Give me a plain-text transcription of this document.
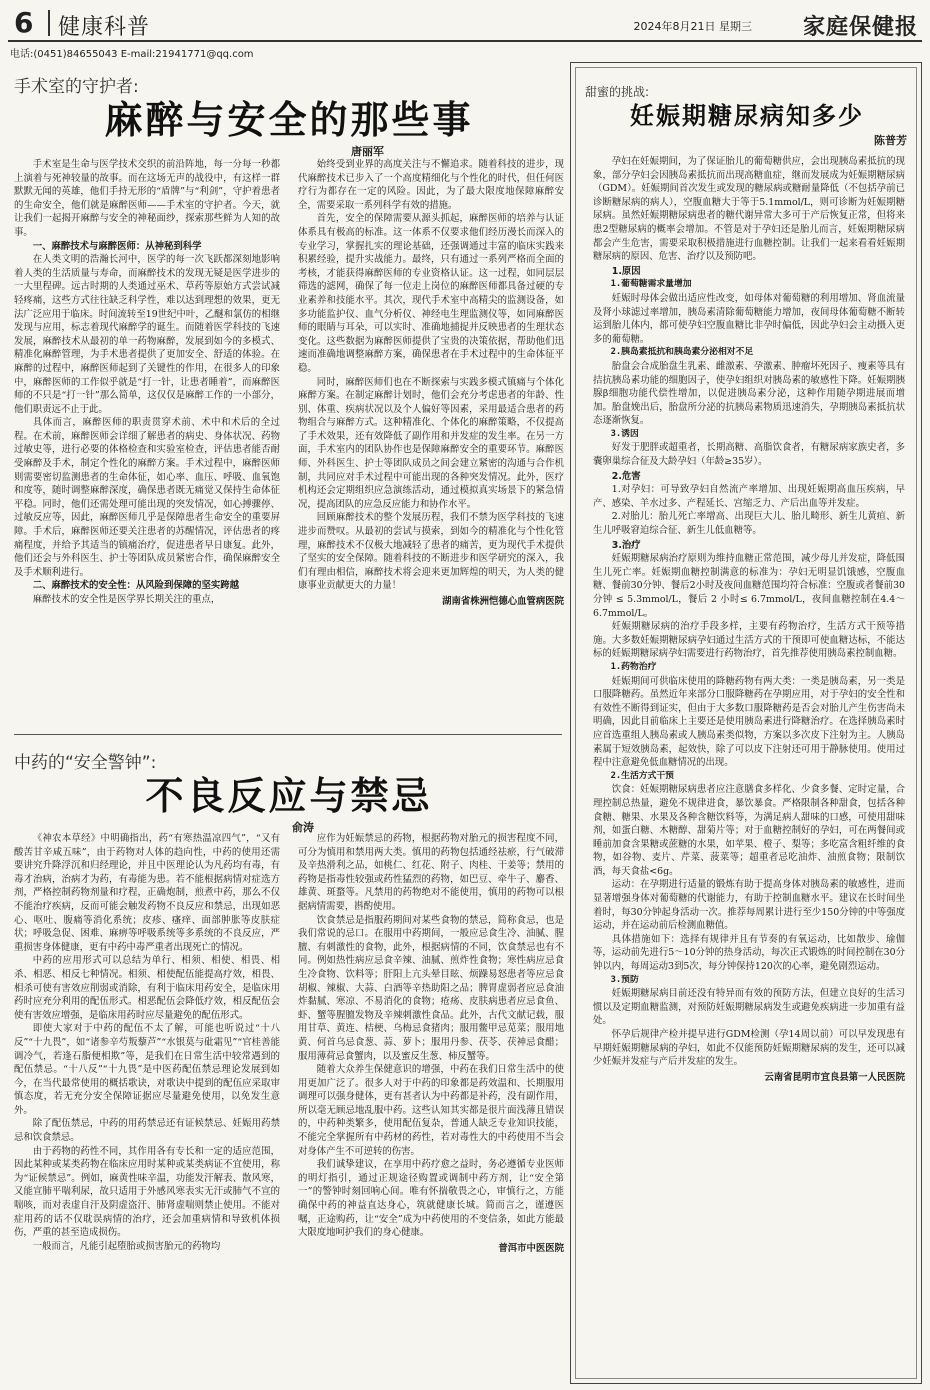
6 健康科普	2024年8月21日 星期三 家庭保健报
电话:(0451)84655043 E-mail:21941771@qq.com
手术室的守护者:
麻醉与安全的那些事
唐丽军

手术室是生命与医学技术交织的前沿阵地，每一分每一秒都上演着与死神较量的故事。而在这场无声的战役中，有这样一群默默无闻的英雄，他们手持无形的“盾牌”与“利剑”，守护着患者的生命安全，他们就是麻醉医师——手术室的守护者。今天，就让我们一起揭开麻醉与安全的神秘面纱，探索那些鲜为人知的故事。

一、麻醉技术与麻醉医师：从神秘到科学

在人类文明的浩瀚长河中，医学的每一次飞跃都深刻地影响着人类的生活质量与寿命，而麻醉技术的发现无疑是医学进步的一大里程碑。远古时期的人类通过巫术、草药等原始方式尝试减轻疼痛，这些方式往往缺乏科学性，难以达到理想的效果，更无法广泛应用于临床。时间流转至19世纪中叶，乙醚和氯仿的相继发现与应用，标志着现代麻醉学的诞生。而随着医学科技的飞速发展，麻醉技术从最初的单一药物麻醉，发展到如今的多模式、精准化麻醉管理，为手术患者提供了更加安全、舒适的体验。在麻醉的过程中，麻醉医师起到了关键性的作用，在很多人的印象中，麻醉医师的工作似乎就是“打一针，让患者睡着”，而麻醉医师的不只是“打一针”那么简单，这仅仅是麻醉工作的一小部分，他们职责远不止于此。

具体而言，麻醉医师的职责贯穿术前、术中和术后的全过程。在术前，麻醉医师会详细了解患者的病史、身体状况、药物过敏史等，进行必要的体格检查和实验室检查，评估患者能否耐受麻醉及手术，制定个性化的麻醉方案。手术过程中，麻醉医师则需要密切监测患者的生命体征，如心率、血压、呼吸、血氧饱和度等，随时调整麻醉深度，确保患者既无痛觉又保持生命体征平稳。同时，他们还需处理可能出现的突发情况，如心搏骤停、过敏反应等，因此，麻醉医师几乎是保障患者生命安全的重要屏障。手术后，麻醉医师还要关注患者的苏醒情况，评估患者的疼痛程度，并给予其适当的镇痛治疗，促进患者早日康复。此外，他们还会与外科医生、护士等团队成员紧密合作，确保麻醉安全及手术顺利进行。

二、麻醉技术的安全性：从风险到保障的坚实跨越

麻醉技术的安全性是医学界长期关注的重点，

始终受到业界的高度关注与不懈追求。随着科技的进步，现代麻醉技术已步入了一个高度精细化与个性化的时代，但任何医疗行为都存在一定的风险。因此，为了最大限度地保障麻醉安全，需要采取一系列科学有效的措施。

首先，安全的保障需要从源头抓起，麻醉医师的培养与认证体系具有极高的标准。这一体系不仅要求他们经历漫长而深入的专业学习，掌握扎实的理论基础，还强调通过丰富的临床实践来积累经验，提升实战能力。最终，只有通过一系列严格而全面的考核，才能获得麻醉医师的专业资格认证。这一过程，如同层层筛选的滤网，确保了每一位走上岗位的麻醉医师都具备过硬的专业素养和技能水平。其次，现代手术室中高精尖的监测设备，如多功能监护仪、血气分析仪、神经电生理监测仪等，如同麻醉医师的眼睛与耳朵，可以实时、准确地捕捉并反映患者的生理状态变化。这些数据为麻醉医师提供了宝贵的决策依据，帮助他们迅速而准确地调整麻醉方案，确保患者在手术过程中的生命体征平稳。

同时，麻醉医师们也在不断探索与实践多模式镇痛与个体化麻醉方案。在制定麻醉计划时，他们会充分考虑患者的年龄、性别、体重、疾病状况以及个人偏好等因素，采用最适合患者的药物组合与麻醉方式。这种精准化、个体化的麻醉策略，不仅提高了手术效果，还有效降低了副作用和并发症的发生率。在另一方面，手术室内的团队协作也是保障麻醉安全的重要环节。麻醉医师、外科医生、护士等团队成员之间会建立紧密的沟通与合作机制，共同应对手术过程中可能出现的各种突发情况。此外，医疗机构还会定期组织应急演练活动，通过模拟真实场景下的紧急情况，提高团队的应急反应能力和协作水平。

回顾麻醉技术的整个发展历程，我们不禁为医学科技的飞速进步而赞叹。从最初的尝试与摸索，到如今的精准化与个性化管理，麻醉技术不仅极大地减轻了患者的痛苦，更为现代手术提供了坚实的安全保障。随着科技的不断进步和医学研究的深入，我们有理由相信，麻醉技术将会迎来更加辉煌的明天，为人类的健康事业贡献更大的力量！

湖南省株洲恺德心血管病医院

中药的“安全警钟”:
不良反应与禁忌
俞涛

《神农本草经》中明确指出，药“有寒热温凉四气”，“又有酸苦甘辛咸五味”，由于药物对人体的趋向性，中药的使用还需要讲究升降浮沉和归经理论，并且中医理论认为凡药均有毒，有毒才治病，治病才为药，有毒能为患。若不能根据病情对症选方剂，严格控制药物剂量和疗程，正确炮制，煎煮中药，那么不仅不能治疗疾病，反而可能会触发药物不良反应和禁忌，出现如恶心、呕吐、腹痛等消化系统；皮疹、瘙痒、面部肿胀等皮肤症状；呼吸急促、困难、麻痹等呼吸系统等多系统的不良反应，严重损害身体健康，更有中药中毒严重者出现死亡的情况。

中药的应用形式可以总结为单行、相须、相使、相畏、相杀、相恶、相反七种情况。相须、相使配伍能提高疗效，相畏、相杀可使有害效应削弱或消除，有利于临床用药安全，是临床用药时应充分利用的配伍形式。相恶配伍会降低疗效，相反配伍会使有害效应增强，是临床用药时应尽量避免的配伍形式。

即使大家对于中药的配伍不太了解，可能也听说过“十八反”“十九畏”，如“诸参辛芍叛藜芦”“水银莫与砒霜见”“官桂善能调冷气，若逢石脂便相欺”等，是我们在日常生活中较常遇到的配伍禁忌。“十八反”“十九畏”是中医药配伍禁忌理论发展到如今，在当代最常使用的概括歌诀，对歌诀中提到的配伍应采取审慎态度，若无充分安全保障证据应尽量避免使用，以免发生意外。

除了配伍禁忌，中药的用药禁忌还有证候禁忌、妊娠用药禁忌和饮食禁忌。

由于药物的药性不同，其作用各有专长和一定的适应范围，因此某种或某类药物在临床应用时某种或某类病证不宜使用，称为“证候禁忌”。例如，麻黄性味辛温，功能发汗解表、散风寒，又能宣肺平喘利尿，故只适用于外感风寒表实无汗或肺气不宣的喘咳，而对表虚自汗及阴虚盗汗、肺肾虚喘则禁止使用。不能对症用药的话不仅耽误病情的治疗，还会加重病情和导致机体损伤，严重的甚至造成损伤。

一般而言，凡能引起堕胎或损害胎元的药物均

应作为妊娠禁忌的药物，根据药物对胎元的损害程度不同，可分为慎用和禁用两大类。慎用的药物包括通经祛瘀，行气破滞及辛热滑利之品，如桃仁、红花、附子、肉桂、干姜等；禁用的药物是指毒性较强或药性猛烈的药物，如巴豆、牵牛子、麝香、雄黄、斑蝥等。凡禁用的药物绝对不能使用，慎用的药物可以根据病情需要，斟酌使用。

饮食禁忌是指服药期间对某些食物的禁忌，简称食忌，也是我们常说的忌口。在服用中药期间，一般应忌食生冷、油腻、腥膻、有刺激性的食物，此外，根据病情的不同，饮食禁忌也有不同。例如热性病应忌食辛辣、油腻、煎炸性食物；寒性病应忌食生冷食物、饮料等；肝阳上亢头晕目眩、烦躁易怒患者等应忌食胡椒、辣椒、大蒜、白酒等辛热助阳之品；脾胃虚弱者应忌食油炸黏腻、寒凉、不易消化的食物；疮疡、皮肤病患者应忌食鱼、虾、蟹等腥膻发物及辛辣刺激性食品。此外，古代文献记载，服用甘草、黄连、桔梗、乌梅忌食猪肉；服用鳖甲忌苋菜；服用地黄、何首乌忌食葱、蒜、萝卜；服用丹参、茯苓、茯神忌食醋；服用薄荷忌食蟹肉，以及蜜反生葱、柿反蟹等。

随着大众养生保健意识的增强，中药在我们日常生活中的使用更加广泛了。很多人对于中药的印象都是药效温和、长期服用调理可以强身健体，更有甚者认为中药都是补药，没有副作用，所以毫无顾忌地乱服中药。这些认知其实都是很片面浅薄且错误的，中药种类繁多，使用配伍复杂，普通人缺乏专业知识技能，不能完全掌握所有中药材的药性，若对毒性大的中药使用不当会对身体产生不可逆转的伤害。

我们诚挚建议，在享用中药疗愈之益时，务必遵循专业医师的明灯指引，通过正规途径购置或调制中药方剂，让“安全第一”的警钟时刻回响心间。唯有怀揣敬畏之心，审慎行之，方能确保中药的神益直达身心，筑就健康长城。简而言之，谨遵医嘱，正途购药，让“安全”成为中药使用的不变信条，如此方能最大限度地呵护我们的身心健康。

普洱市中医医院

甜蜜的挑战:
妊娠期糖尿病知多少
陈普芳

孕妇在妊娠期间，为了保证胎儿的葡萄糖供应，会出现胰岛素抵抗的现象，部分孕妇会因胰岛素抵抗而出现高糖血症，继而发展成为妊娠期糖尿病（GDM）。妊娠期间首次发生或发现的糖尿病或糖耐量降低（不包括孕前已诊断糖尿病的病人），空腹血糖大于等于5.1mmol/L，则可诊断为妊娠期糖尿病。虽然妊娠期糖尿病患者的糖代谢异常大多可于产后恢复正常，但将来患2型糖尿病的概率会增加。不管是对于孕妇还是胎儿而言，妊娠期糖尿病都会产生危害，需要采取积极措施进行血糖控制。让我们一起来看看妊娠期糖尿病的原因、危害、治疗以及预防吧。

1.原因

1.葡萄糖需求量增加

妊娠时母体会做出适应性改变，如母体对葡萄糖的利用增加、肾血流量及肾小球滤过率增加，胰岛素清除葡萄糖能力增加，夜间母体葡萄糖不断转运到胎儿体内，都可使孕妇空腹血糖比非孕时偏低，因此孕妇会主动摄入更多的葡萄糖。

2.胰岛素抵抗和胰岛素分泌相对不足

胎盘会合成胎盘生乳素、雌激素、孕激素、肿瘤坏死因子、瘦素等具有拮抗胰岛素功能的细胞因子，使孕妇组织对胰岛素的敏感性下降。妊娠期胰腺β细胞功能代偿性增加，以促进胰岛素分泌，这种作用随孕期进展而增加。胎盘娩出后，胎盘所分泌的抗胰岛素物质迅速消失，孕期胰岛素抵抗状态逐渐恢复。

3.诱因

好发于肥胖或超重者，长期高糖、高脂饮食者，有糖尿病家族史者，多囊卵巢综合征及大龄孕妇（年龄≥35岁）。

2.危害

1.对孕妇：可导致孕妇自然流产率增加、出现妊娠期高血压疾病，早产、感染、羊水过多、产程延长、宫缩乏力、产后出血等并发症。

2.对胎儿：胎儿死亡率增高、出现巨大儿、胎儿畸形、新生儿黄疸、新生儿呼吸窘迫综合征、新生儿低血糖等。

3.治疗

妊娠期糖尿病治疗原则为维持血糖正常范围，减少母儿并发症，降低围生儿死亡率。妊娠期血糖控制满意的标准为：孕妇无明显饥饿感，空腹血糖、餐前30分钟、餐后2小时及夜间血糖范围均符合标准：空腹或者餐前30分钟 ≤ 5.3mmol/L，餐后 2 小时≤ 6.7mmol/L，夜间血糖控制在4.4～6.7mmol/L。

妊娠期糖尿病的治疗手段多样，主要有药物治疗，生活方式干预等措施。大多数妊娠期糖尿病孕妇通过生活方式的干预即可使血糖达标，不能达标的妊娠期糖尿病孕妇需要进行药物治疗，首先推荐使用胰岛素控制血糖。

1.药物治疗

妊娠期间可供临床使用的降糖药物有两大类：一类是胰岛素，另一类是口服降糖药。虽然近年来部分口服降糖药在孕期应用，对于孕妇的安全性和有效性不断得到证实，但由于大多数口服降糖药是否会对胎儿产生伤害尚未明确，因此目前临床上主要还是使用胰岛素进行降糖治疗。在选择胰岛素时应首选重组人胰岛素或人胰岛素类似物，方案以多次皮下注射为主。人胰岛素属于短效胰岛素，起效快，除了可以皮下注射还可用于静脉使用。使用过程中注意避免低血糖情况的出现。

2.生活方式干预

饮食：妊娠期糖尿病患者应注意膳食多样化、少食多餐、定时定量，合理控制总热量，避免不规律进食，暴饮暴食。严格限制各种甜食，包括各种食糖、糖果、水果及各种含糖饮料等，为满足病人甜味的口感，可使用甜味剂，如蛋白糖、木糖醇、甜菊片等；对于血糖控制好的孕妇，可在两餐间或睡前加食含果糖或蔗糖的水果，如苹果、橙子、梨等；多吃富含粗纤维的食物，如谷物、麦片、芹菜、菠菜等；超重者忌吃油炸、油煎食物；限制饮酒，每天食盐<6g。

运动：在孕期进行适量的锻炼有助于提高身体对胰岛素的敏感性，进而显著增强身体对葡萄糖的代谢能力，有助于控制血糖水平。建议在长时间坐着时，每30分钟起身活动一次。推荐每周累计进行至少150分钟的中等强度运动，并在运动前后检测血糖值。

具体措施如下：选择有规律并且有节奏的有氧运动，比如散步、瑜伽等，运动前先进行5～10分钟的热身活动，每次正式锻炼的时间控制在30分钟以内，每周运动3到5次，每分钟保持120次的心率，避免剧烈运动。

3.预防

妊娠期糖尿病目前还没有特异而有效的预防方法，但建立良好的生活习惯以及定期血糖监测，对预防妊娠期糖尿病发生或避免疾病进一步加重有益处。

怀孕后规律产检并提早进行GDM检测（孕14周以前）可以早发现患有早期妊娠期糖尿病的孕妇，如此不仅能预防妊娠期糖尿病的发生，还可以减少妊娠并发症与产后并发症的发生。

云南省昆明市宜良县第一人民医院
